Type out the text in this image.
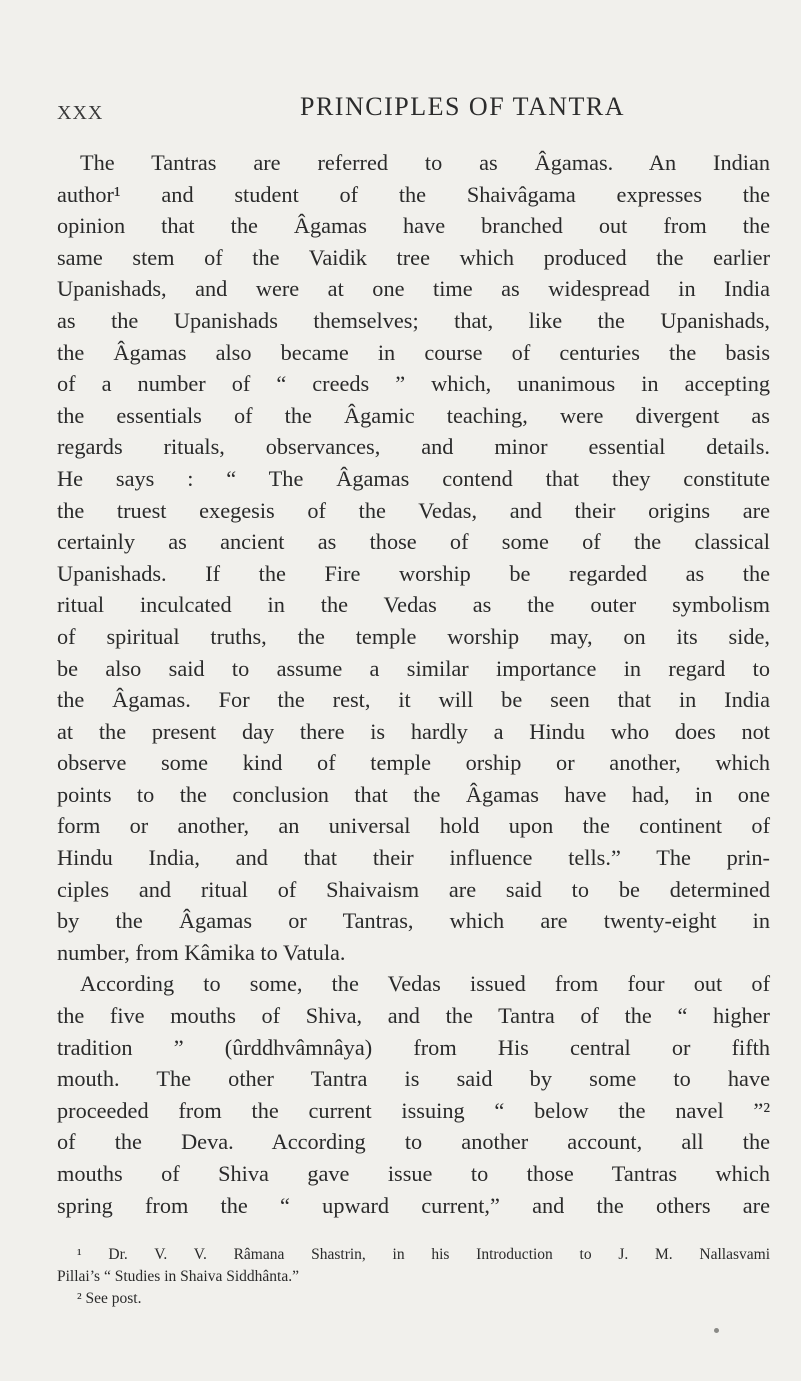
XXX	PRINCIPLES OF TANTRA
The Tantras are referred to as Âgamas. An Indian
author¹ and student of the Shaivâgama expresses the
opinion that the Âgamas have branched out from the
same stem of the Vaidik tree which produced the earlier
Upanishads, and were at one time as widespread in India
as the Upanishads themselves; that, like the Upanishads,
the Âgamas also became in course of centuries the basis
of a number of “ creeds ” which, unanimous in accepting
the essentials of the Âgamic teaching, were divergent as
regards rituals, observances, and minor essential details.
He says : “ The Âgamas contend that they constitute
the truest exegesis of the Vedas, and their origins are
certainly as ancient as those of some of the classical
Upanishads. If the Fire worship be regarded as the
ritual inculcated in the Vedas as the outer symbolism
of spiritual truths, the temple worship may, on its side,
be also said to assume a similar importance in regard to
the Âgamas. For the rest, it will be seen that in India
at the present day there is hardly a Hindu who does not
observe some kind of temple orship or another, which
points to the conclusion that the Âgamas have had, in one
form or another, an universal hold upon the continent of
Hindu India, and that their influence tells.” The prin-
ciples and ritual of Shaivaism are said to be determined
by the Âgamas or Tantras, which are twenty-eight in
number, from Kâmika to Vatula.
According to some, the Vedas issued from four out of
the five mouths of Shiva, and the Tantra of the “ higher
tradition ” (ûrddhvâmnâya) from His central or fifth
mouth. The other Tantra is said by some to have
proceeded from the current issuing “ below the navel ”²
of the Deva. According to another account, all the
mouths of Shiva gave issue to those Tantras which
spring from the “ upward current,” and the others are
¹ Dr. V. V. Râmana Shastrin, in his Introduction to J. M. Nallasvami
Pillai’s “ Studies in Shaiva Siddhânta.”
² See post.
